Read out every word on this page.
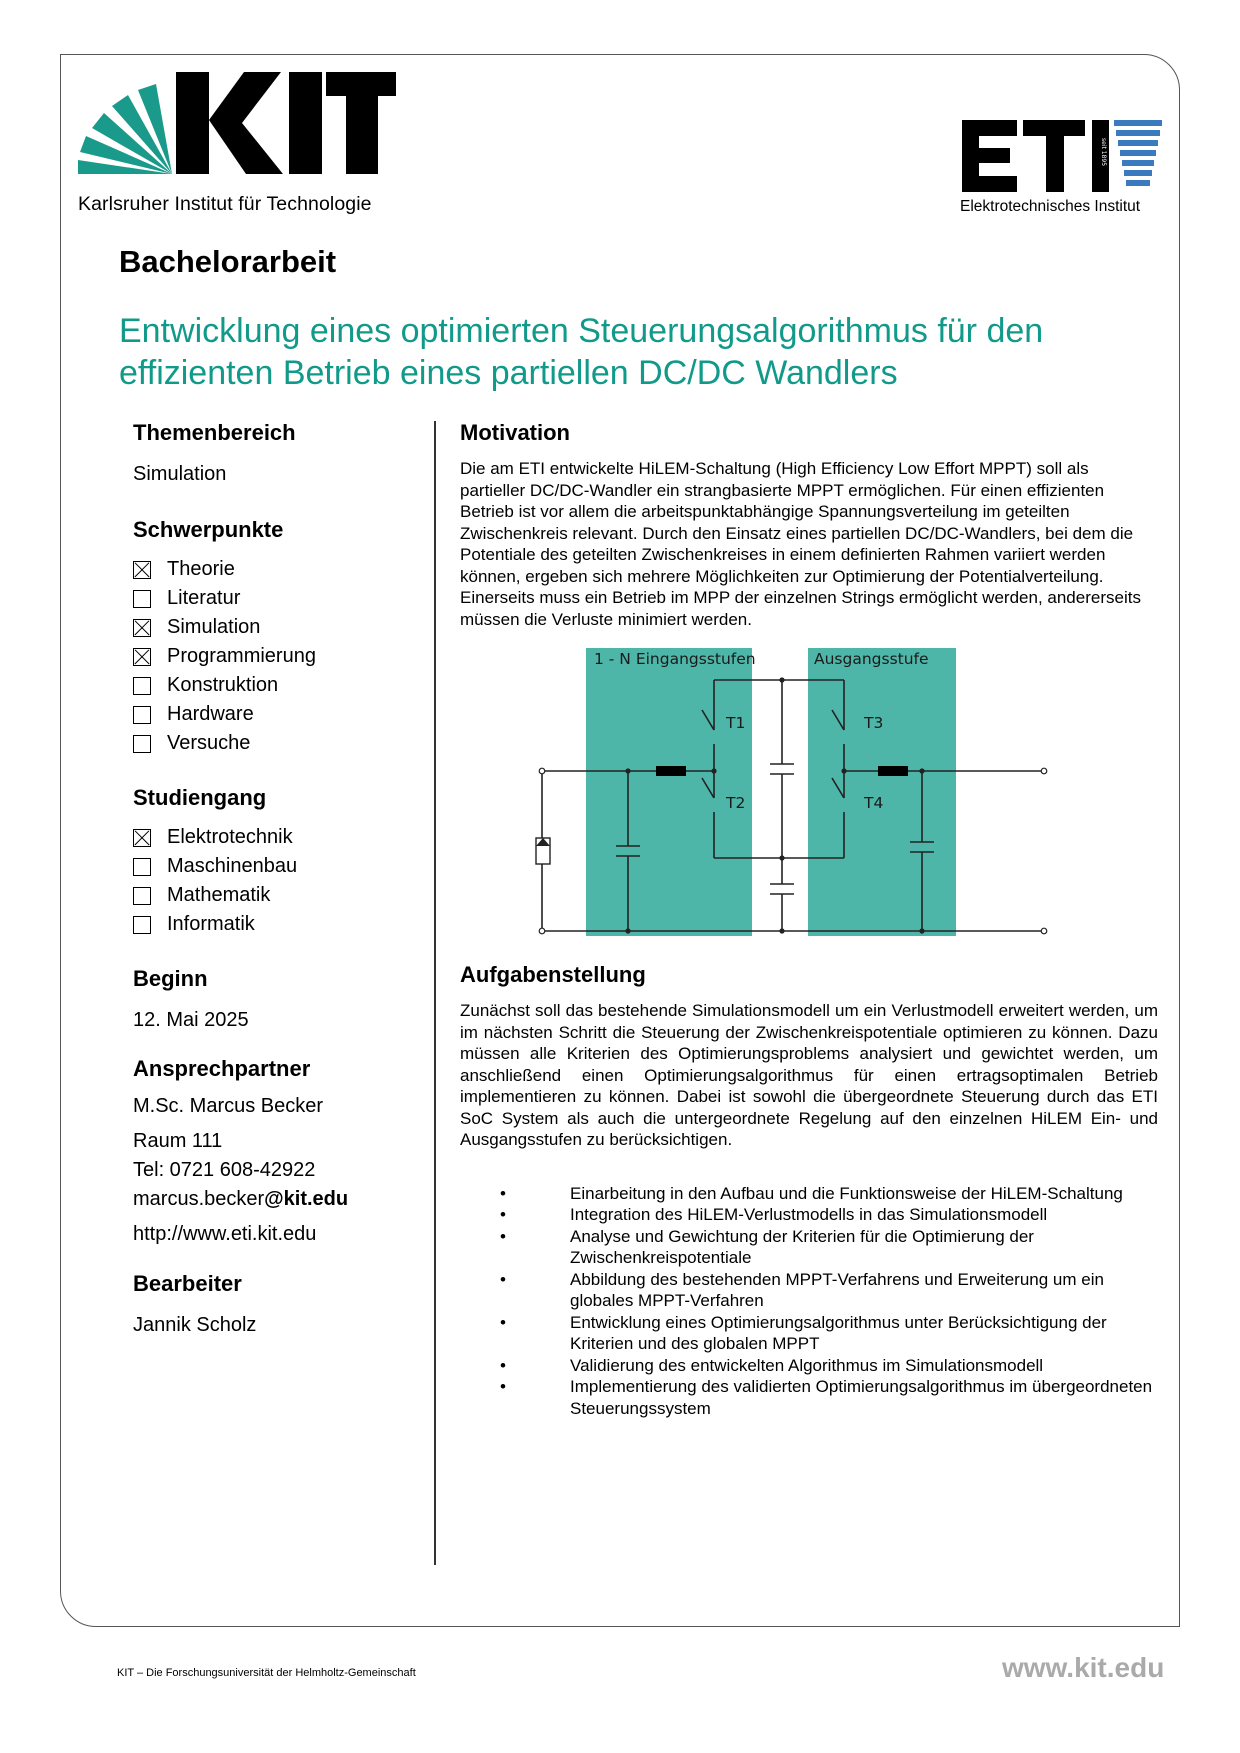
Karlsruher Institut für Technologie
seit 1895
Elektrotechnisches Institut
Bachelorarbeit
Entwicklung eines optimierten Steuerungsalgorithmus für den effizienten Betrieb eines partiellen DC/DC Wandlers
Themenbereich
Simulation
Schwerpunkte
Theorie
Literatur
Simulation
Programmierung
Konstruktion
Hardware
Versuche
Studiengang
Elektrotechnik
Maschinenbau
Mathematik
Informatik
Beginn
12. Mai 2025
Ansprechpartner
M.Sc. Marcus Becker
Raum 111
Tel: 0721 608-42922
marcus.becker@kit.edu
http://www.eti.kit.edu
Bearbeiter
Jannik Scholz
Motivation

Die am ETI entwickelte HiLEM-Schaltung (High Efficiency Low Effort MPPT) soll als partieller DC/DC-Wandler ein strangbasierte MPPT ermöglichen. Für einen effizienten Betrieb ist vor allem die arbeitspunktabhängige Spannungsverteilung im geteilten Zwischenkreis relevant. Durch den Einsatz eines partiellen DC/DC-Wandlers, bei dem die Potentiale des geteilten Zwischenkreises in einem definierten Rahmen variiert werden können, ergeben sich mehrere Möglichkeiten zur Optimierung der Potentialverteilung. Einerseits muss ein Betrieb im MPP der einzelnen Strings ermöglicht werden, andererseits müssen die Verluste minimiert werden.

1 - N Eingangsstufen	Ausgangsstufe
T1
T2
T3
T4
Aufgabenstellung

Zunächst soll das bestehende Simulationsmodell um ein Verlustmodell erweitert werden, um im nächsten Schritt die Steuerung der Zwischenkreispotentiale optimieren zu können. Dazu müssen alle Kriterien des Optimierungsproblems analysiert und gewichtet werden, um anschließend einen Optimierungsalgorithmus für einen ertragsoptimalen Betrieb implementieren zu können. Dabei ist sowohl die übergeordnete Steuerung durch das ETI SoC System als auch die untergeordnete Regelung auf den einzelnen HiLEM Ein- und Ausgangsstufen zu berücksichtigen.

• Einarbeitung in den Aufbau und die Funktionsweise der HiLEM-Schaltung
• Integration des HiLEM-Verlustmodells in das Simulationsmodell
• Analyse und Gewichtung der Kriterien für die Optimierung der Zwischenkreispotentiale
• Abbildung des bestehenden MPPT-Verfahrens und Erweiterung um ein globales MPPT-Verfahren
• Entwicklung eines Optimierungsalgorithmus unter Berücksichtigung der Kriterien und des globalen MPPT
• Validierung des entwickelten Algorithmus im Simulationsmodell
• Implementierung des validierten Optimierungsalgorithmus im übergeordneten Steuerungssystem
KIT – Die Forschungsuniversität der Helmholtz-Gemeinschaft	www.kit.edu
